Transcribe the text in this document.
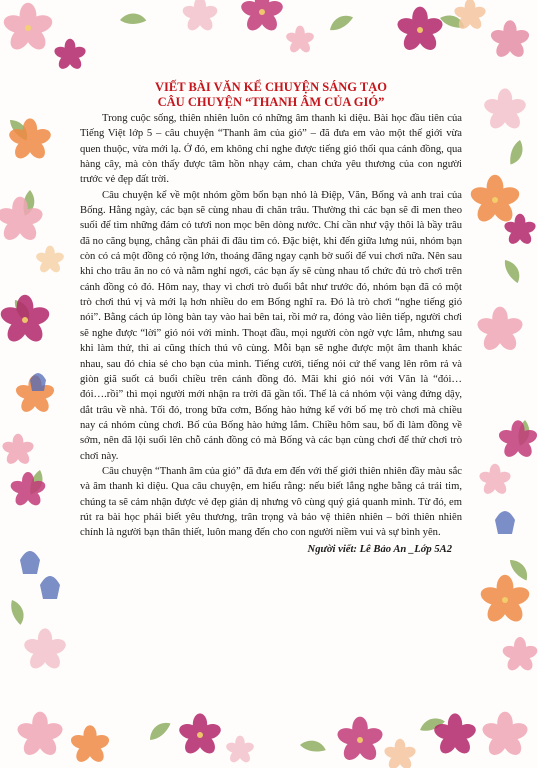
VIẾT BÀI VĂN KỂ CHUYỆN SÁNG TẠO
CÂU CHUYỆN “THANH ÂM CỦA GIÓ”

Trong cuộc sống, thiên nhiên luôn có những âm thanh kì diệu. Bài học đầu tiên của Tiếng Việt lớp 5 – câu chuyện “Thanh âm của gió” – đã đưa em vào một thế giới vừa quen thuộc, vừa mới lạ. Ở đó, em không chỉ nghe được tiếng gió thổi qua cánh đồng, qua hàng cây, mà còn thấy được tâm hồn nhạy cảm, chan chứa yêu thương của con người trước vẻ đẹp đất trời.

Câu chuyện kể về một nhóm gồm bốn bạn nhỏ là Điệp, Văn, Bống và anh trai của Bống. Hằng ngày, các bạn sẽ cùng nhau đi chăn trâu. Thường thì các bạn sẽ đi men theo suối để tìm những đám cỏ tươi non mọc bên dòng nước. Chỉ cần như vậy thôi là bầy trâu đã no căng bụng, chẳng cần phải đi đâu tìm cỏ. Đặc biệt, khi đến giữa lưng núi, nhóm bạn còn có cả một đồng cỏ rộng lớn, thoáng đãng ngay cạnh bờ suối để vui chơi nữa. Nên sau khi cho trâu ăn no cỏ và nằm nghỉ ngơi, các bạn ấy sẽ cùng nhau tổ chức đủ trò chơi trên cánh đồng cỏ đó. Hôm nay, thay vì chơi trò đuổi bắt như trước đó, nhóm bạn đã có một trò chơi thú vị và mới lạ hơn nhiều do em Bống nghĩ ra. Đó là trò chơi “nghe tiếng gió nói”. Bằng cách úp lòng bàn tay vào hai bên tai, rồi mở ra, đóng vào liên tiếp, người chơi sẽ nghe được “lời” gió nói với mình. Thoạt đầu, mọi người còn ngờ vực lắm, nhưng sau khi làm thử, thì ai cũng thích thú vô cùng. Mỗi bạn sẽ nghe được một âm thanh khác nhau, sau đó chia sẻ cho bạn của mình. Tiếng cười, tiếng nói cứ thế vang lên rôm rả và giòn giã suốt cả buổi chiều trên cánh đồng đó. Mãi khi gió nói với Văn là “đói… đói….rồi” thì mọi người mới nhận ra trời đã gần tối. Thế là cả nhóm vội vàng đứng dậy, dắt trâu về nhà. Tối đó, trong bữa cơm, Bống hào hứng kể với bố mẹ trò chơi mà chiều nay cả nhóm cùng chơi. Bố của Bống hào hứng lắm. Chiều hôm sau, bố đi làm đồng về sớm, nên đã lội suối lên chỗ cánh đồng cỏ mà Bống và các bạn cùng chơi để thử chơi trò chơi này.

Câu chuyện “Thanh âm của gió” đã đưa em đến với thế giới thiên nhiên đầy màu sắc và âm thanh kì diệu. Qua câu chuyện, em hiểu rằng: nếu biết lắng nghe bằng cả trái tim, chúng ta sẽ cảm nhận được vẻ đẹp giản dị nhưng vô cùng quý giá quanh mình. Từ đó, em rút ra bài học phải biết yêu thương, trân trọng và bảo vệ thiên nhiên – bởi thiên nhiên chính là người bạn thân thiết, luôn mang đến cho con người niềm vui và sự bình yên.

Người viết: Lê Bảo An _Lớp 5A2
